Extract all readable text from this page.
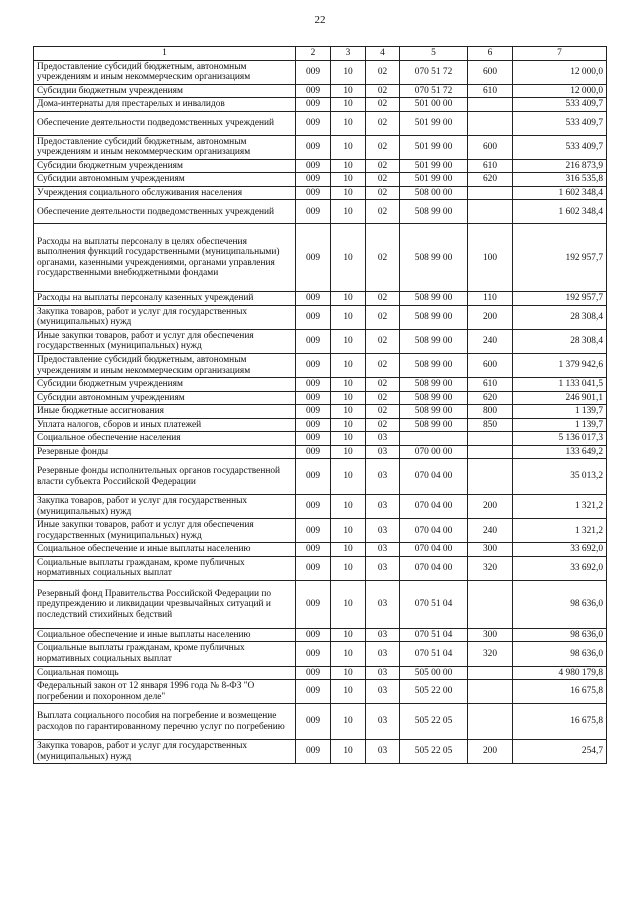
22
1	2	3	4	5	6	7
Предоставление субсидий бюджетным, автономным учреждениям и иным некоммерческим организациям	009	10	02	070 51 72	600	12 000,0
Субсидии бюджетным учреждениям	009	10	02	070 51 72	610	12 000,0
Дома-интернаты для престарелых и инвалидов	009	10	02	501 00 00		533 409,7
Обеспечение деятельности подведомственных учреждений	009	10	02	501 99 00		533 409,7
Предоставление субсидий бюджетным, автономным учреждениям и иным некоммерческим организациям	009	10	02	501 99 00	600	533 409,7
Субсидии бюджетным учреждениям	009	10	02	501 99 00	610	216 873,9
Субсидии автономным учреждениям	009	10	02	501 99 00	620	316 535,8
Учреждения социального обслуживания населения	009	10	02	508 00 00		1 602 348,4
Обеспечение деятельности подведомственных учреждений	009	10	02	508 99 00		1 602 348,4
Расходы на выплаты персоналу в целях обеспечения выполнения функций государственными (муниципальными) органами, казенными учреждениями, органами управления государственными внебюджетными фондами	009	10	02	508 99 00	100	192 957,7
Расходы на выплаты персоналу казенных учреждений	009	10	02	508 99 00	110	192 957,7
Закупка товаров, работ и услуг для государственных (муниципальных) нужд	009	10	02	508 99 00	200	28 308,4
Иные закупки товаров, работ и услуг для обеспечения государственных (муниципальных) нужд	009	10	02	508 99 00	240	28 308,4
Предоставление субсидий бюджетным, автономным учреждениям и иным некоммерческим организациям	009	10	02	508 99 00	600	1 379 942,6
Субсидии бюджетным учреждениям	009	10	02	508 99 00	610	1 133 041,5
Субсидии автономным учреждениям	009	10	02	508 99 00	620	246 901,1
Иные бюджетные ассигнования	009	10	02	508 99 00	800	1 139,7
Уплата налогов, сборов и иных платежей	009	10	02	508 99 00	850	1 139,7
Социальное обеспечение населения	009	10	03			5 136 017,3
Резервные фонды	009	10	03	070 00 00		133 649,2
Резервные фонды исполнительных органов государственной власти субъекта Российской Федерации	009	10	03	070 04 00		35 013,2
Закупка товаров, работ и услуг для государственных (муниципальных) нужд	009	10	03	070 04 00	200	1 321,2
Иные закупки товаров, работ и услуг для обеспечения государственных (муниципальных) нужд	009	10	03	070 04 00	240	1 321,2
Социальное обеспечение и иные выплаты населению	009	10	03	070 04 00	300	33 692,0
Социальные выплаты гражданам, кроме публичных нормативных социальных выплат	009	10	03	070 04 00	320	33 692,0
Резервный фонд Правительства Российской Федерации по предупреждению и ликвидации чрезвычайных ситуаций и последствий стихийных бедствий	009	10	03	070 51 04		98 636,0
Социальное обеспечение и иные выплаты населению	009	10	03	070 51 04	300	98 636,0
Социальные выплаты гражданам, кроме публичных нормативных социальных выплат	009	10	03	070 51 04	320	98 636,0
Социальная помощь	009	10	03	505 00 00		4 980 179,8
Федеральный закон от 12 января 1996 года № 8-ФЗ "О погребении и похоронном деле"	009	10	03	505 22 00		16 675,8
Выплата социального пособия на погребение и возмещение расходов по гарантированному перечню услуг по погребению	009	10	03	505 22 05		16 675,8
Закупка товаров, работ и услуг для государственных (муниципальных) нужд	009	10	03	505 22 05	200	254,7
